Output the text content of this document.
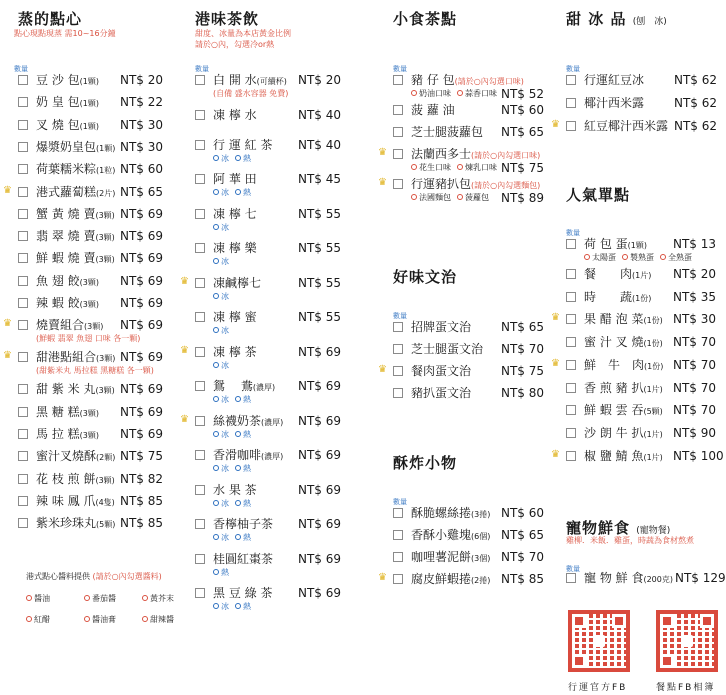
蒸的點心
點心現點現蒸 需10~16分鐘
數量
豆 沙 包(1顆) NT$ 20
奶 皇 包(1顆) NT$ 22
叉 燒 包(1顆) NT$ 30
爆漿奶皇包(1顆) NT$ 30
荷葉糯米粽(1粒) NT$ 60
♛	港式蘿蔔糕(2片) NT$ 65
蟹 黃 燒 賣(3顆) NT$ 69
翡 翠 燒 賣(3顆) NT$ 69
鮮 蝦 燒 賣(3顆) NT$ 69
魚 翅 餃(3顆) NT$ 69
辣 蝦 餃(3顆) NT$ 69
♛	燒賣組合(3顆) NT$ 69
(鮮蝦 翡翠 魚翅 口味 各一顆)
♛	甜港點組合(3顆) NT$ 69
(甜紫米丸 馬拉糕 黑糖糕 各一顆)
甜 紫 米 丸(3顆) NT$ 69
黑 糖 糕(3顆) NT$ 69
馬 拉 糕(3顆) NT$ 69
蜜汁叉燒酥(2顆) NT$ 75
花 枝 煎 餅(3顆) NT$ 82
辣 味 鳳 爪(4隻) NT$ 85
紫米珍珠丸(5顆) NT$ 85
港式點心醬料提供 (請於○內勾選醬料)
醬油	番茄醬	黃芥末
紅醋	醬油膏	甜辣醬
港味茶飲
甜度、冰量為本店黃金比例
請於○內，勾選冷or熱
數量
白 開 水(可續杯) NT$ 20
(自備 盛水容器 免費)
凍 檸 水	NT$ 40
行 運 紅 茶 NT$ 40
冰 熱
阿 華 田	NT$ 45
冰 熱
凍 檸 七	NT$ 55
冰
凍 檸 樂	NT$ 55
冰
♛	凍鹹檸七	NT$ 55
冰
凍 檸 蜜	NT$ 55
冰
♛	凍 檸 茶	NT$ 69
冰
鴛　 鴦(濃厚) NT$ 69
冰 熱
♛	絲襪奶茶(濃厚) NT$ 69
冰 熱
香滑咖啡(濃厚) NT$ 69
冰 熱
水 果 茶	NT$ 69
冰 熱
香檸柚子茶 NT$ 69
冰 熱
桂圓紅棗茶 NT$ 69
熱
黑 豆 綠 茶 NT$ 69
冰 熱
小食茶點
數量
豬 仔 包(請於○內勾選口味)
NT$ 52
奶油口味 蒜香口味
菠 蘿 油	NT$ 60
芝士腿菠蘿包 NT$ 65
♛	法蘭西多士(請於○內勾選口味)
NT$ 75
花生口味 煉乳口味
♛	行運豬扒包(請於○內勾選麵包)
NT$ 89
法國麵包 菠蘿包
好味文治
數量
招牌蛋文治 NT$ 65
芝士腿蛋文治 NT$ 70
♛	餐肉蛋文治 NT$ 75
豬扒蛋文治 NT$ 80
酥炸小物
數量
酥脆螺絲捲(3捲) NT$ 60
香酥小雞塊(6個) NT$ 65
咖哩薯泥餅(3個) NT$ 70
♛	腐皮鮮蝦捲(2捲) NT$ 85
甜 冰 品 (刨　冰)
數量
行運紅豆冰 NT$ 62
椰汁西米露 NT$ 62
♛	紅豆椰汁西米露 NT$ 62
人氣單點
數量
荷 包 蛋(1顆) NT$ 13
太陽蛋 製熟蛋 全熟蛋
餐　　肉(1片) NT$ 20
時　　蔬(1份) NT$ 35
♛	果 醋 泡 菜(1份) NT$ 30
蜜 汁 叉 燒(1份) NT$ 70
♛	鮮　牛　肉(1份) NT$ 70
香 煎 豬 扒(1片) NT$ 70
鮮 蝦 雲 吞(5顆) NT$ 70
沙 朗 牛 扒(1片) NT$ 90
♛	椒 鹽 鯖 魚(1片) NT$ 100
寵物鮮食 (寵物餐)
雞柳．米飯．雞蛋，時蔬為食材熬煮
數量
寵 物 鮮 食(200克) NT$ 129
行運官方FB	餐點FB相簿
